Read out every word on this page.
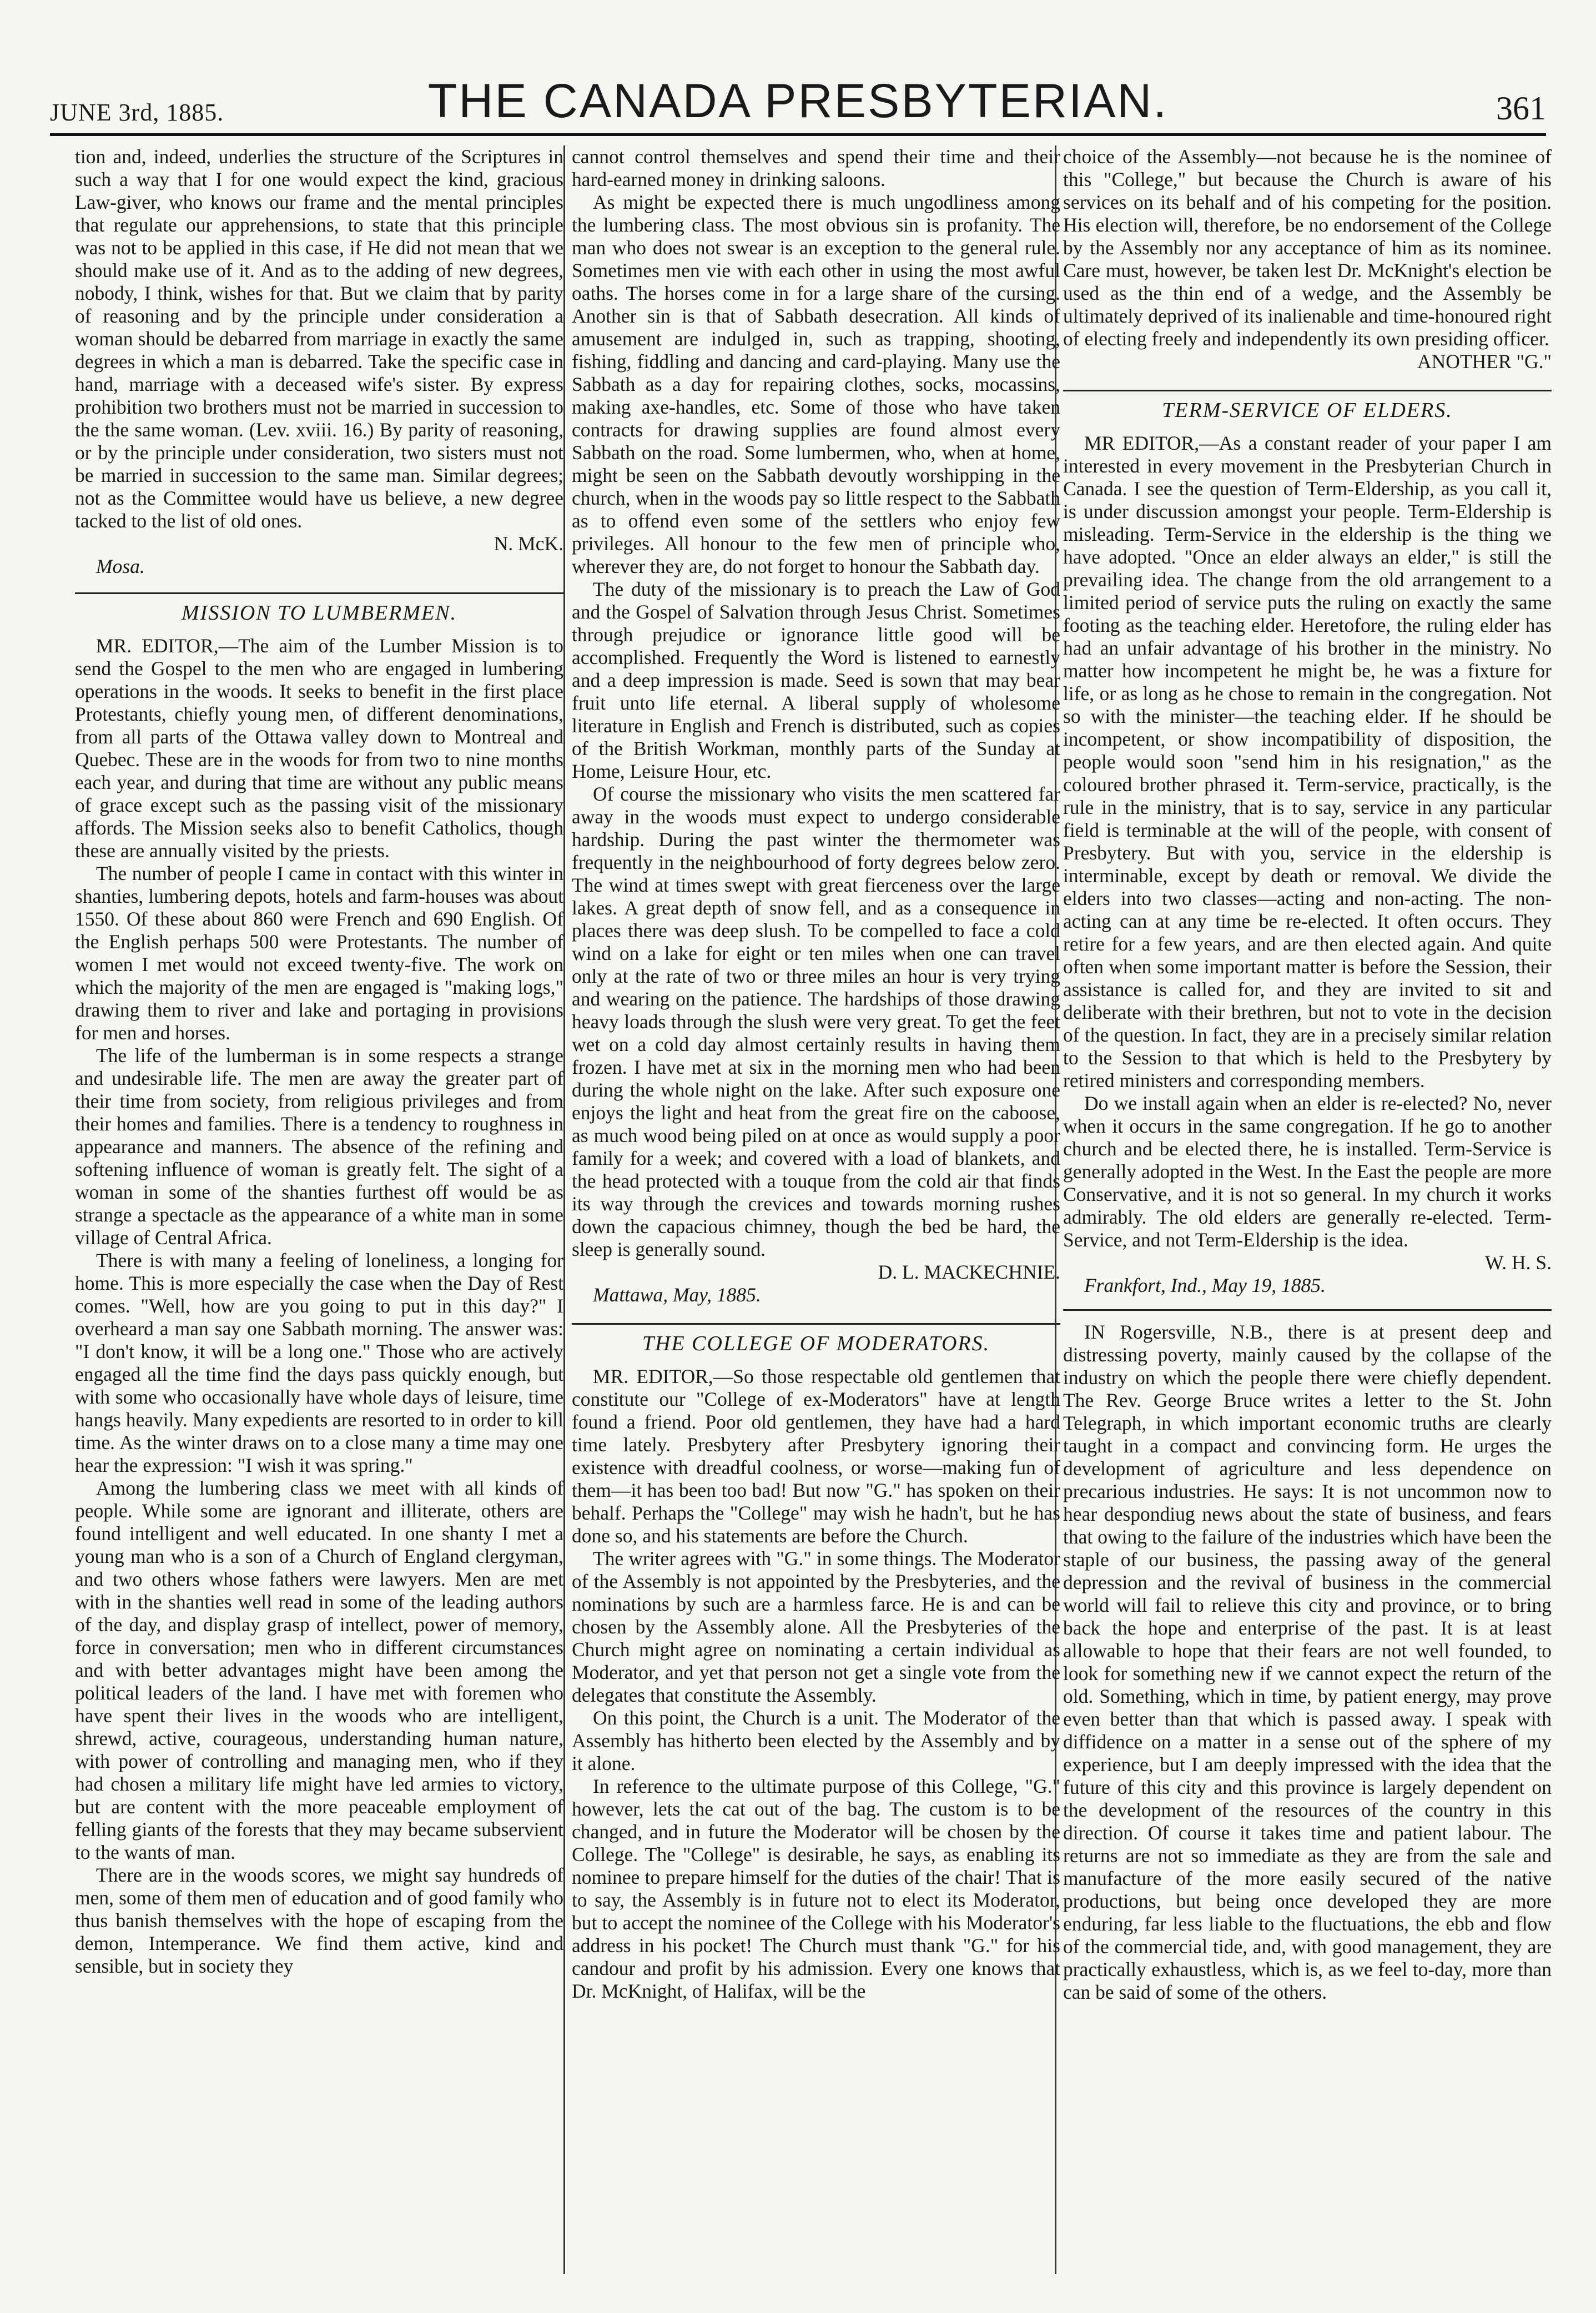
JUNE 3rd, 1885.	THE CANADA PRESBYTERIAN.	361

tion and, indeed, underlies the structure of the Scriptures in such a way that I for one would expect the kind, gracious Law-giver, who knows our frame and the mental principles that regulate our apprehensions, to state that this principle was not to be applied in this case, if He did not mean that we should make use of it. And as to the adding of new degrees, nobody, I think, wishes for that. But we claim that by parity of reasoning and by the principle under consideration a woman should be debarred from marriage in exactly the same degrees in which a man is debarred. Take the specific case in hand, marriage with a deceased wife's sister. By express prohibition two brothers must not be married in succession to the the same woman. (Lev. xviii. 16.) By parity of reasoning, or by the principle under consideration, two sisters must not be married in succession to the same man. Similar degrees; not as the Committee would have us believe, a new degree tacked to the list of old ones.

N. McK.

Mosa.

MISSION TO LUMBERMEN.

MR. EDITOR,—The aim of the Lumber Mission is to send the Gospel to the men who are engaged in lumbering operations in the woods. It seeks to benefit in the first place Protestants, chiefly young men, of different denominations, from all parts of the Ottawa valley down to Montreal and Quebec. These are in the woods for from two to nine months each year, and during that time are without any public means of grace except such as the passing visit of the missionary affords. The Mission seeks also to benefit Catholics, though these are annually visited by the priests.

The number of people I came in contact with this winter in shanties, lumbering depots, hotels and farm-houses was about 1550. Of these about 860 were French and 690 English. Of the English perhaps 500 were Protestants. The number of women I met would not exceed twenty-five. The work on which the majority of the men are engaged is "making logs," drawing them to river and lake and portaging in provisions for men and horses.

The life of the lumberman is in some respects a strange and undesirable life. The men are away the greater part of their time from society, from religious privileges and from their homes and families. There is a tendency to roughness in appearance and manners. The absence of the refining and softening influence of woman is greatly felt. The sight of a woman in some of the shanties furthest off would be as strange a spectacle as the appearance of a white man in some village of Central Africa.

There is with many a feeling of loneliness, a longing for home. This is more especially the case when the Day of Rest comes. "Well, how are you going to put in this day?" I overheard a man say one Sabbath morning. The answer was: "I don't know, it will be a long one." Those who are actively engaged all the time find the days pass quickly enough, but with some who occasionally have whole days of leisure, time hangs heavily. Many expedients are resorted to in order to kill time. As the winter draws on to a close many a time may one hear the expression: "I wish it was spring."

Among the lumbering class we meet with all kinds of people. While some are ignorant and illiterate, others are found intelligent and well educated. In one shanty I met a young man who is a son of a Church of England clergyman, and two others whose fathers were lawyers. Men are met with in the shanties well read in some of the leading authors of the day, and display grasp of intellect, power of memory, force in conversation; men who in different circumstances and with better advantages might have been among the political leaders of the land. I have met with foremen who have spent their lives in the woods who are intelligent, shrewd, active, courageous, understanding human nature, with power of controlling and managing men, who if they had chosen a military life might have led armies to victory, but are content with the more peaceable employment of felling giants of the forests that they may became subservient to the wants of man.

There are in the woods scores, we might say hundreds of men, some of them men of education and of good family who thus banish themselves with the hope of escaping from the demon, Intemperance. We find them active, kind and sensible, but in society they

cannot control themselves and spend their time and their hard-earned money in drinking saloons.

As might be expected there is much ungodliness among the lumbering class. The most obvious sin is profanity. The man who does not swear is an exception to the general rule. Sometimes men vie with each other in using the most awful oaths. The horses come in for a large share of the cursing. Another sin is that of Sabbath desecration. All kinds of amusement are indulged in, such as trapping, shooting, fishing, fiddling and dancing and card-playing. Many use the Sabbath as a day for repairing clothes, socks, mocassins, making axe-handles, etc. Some of those who have taken contracts for drawing supplies are found almost every Sabbath on the road. Some lumbermen, who, when at home, might be seen on the Sabbath devoutly worshipping in the church, when in the woods pay so little respect to the Sabbath as to offend even some of the settlers who enjoy few privileges. All honour to the few men of principle who, wherever they are, do not forget to honour the Sabbath day.

The duty of the missionary is to preach the Law of God and the Gospel of Salvation through Jesus Christ. Sometimes through prejudice or ignorance little good will be accomplished. Frequently the Word is listened to earnestly and a deep impression is made. Seed is sown that may bear fruit unto life eternal. A liberal supply of wholesome literature in English and French is distributed, such as copies of the British Workman, monthly parts of the Sunday at Home, Leisure Hour, etc.

Of course the missionary who visits the men scattered far away in the woods must expect to undergo considerable hardship. During the past winter the thermometer was frequently in the neighbourhood of forty degrees below zero. The wind at times swept with great fierceness over the large lakes. A great depth of snow fell, and as a consequence in places there was deep slush. To be compelled to face a cold wind on a lake for eight or ten miles when one can travel only at the rate of two or three miles an hour is very trying and wearing on the patience. The hardships of those drawing heavy loads through the slush were very great. To get the feet wet on a cold day almost certainly results in having them frozen. I have met at six in the morning men who had been during the whole night on the lake. After such exposure one enjoys the light and heat from the great fire on the caboose, as much wood being piled on at once as would supply a poor family for a week; and covered with a load of blankets, and the head protected with a touque from the cold air that finds its way through the crevices and towards morning rushes down the capacious chimney, though the bed be hard, the sleep is generally sound.

D. L. MACKECHNIE.

Mattawa, May, 1885.

THE COLLEGE OF MODERATORS.

MR. EDITOR,—So those respectable old gentlemen that constitute our "College of ex-Moderators" have at length found a friend. Poor old gentlemen, they have had a hard time lately. Presbytery after Presbytery ignoring their existence with dreadful coolness, or worse—making fun of them—it has been too bad! But now "G." has spoken on their behalf. Perhaps the "College" may wish he hadn't, but he has done so, and his statements are before the Church.

The writer agrees with "G." in some things. The Moderator of the Assembly is not appointed by the Presbyteries, and the nominations by such are a harmless farce. He is and can be chosen by the Assembly alone. All the Presbyteries of the Church might agree on nominating a certain individual as Moderator, and yet that person not get a single vote from the delegates that constitute the Assembly.

On this point, the Church is a unit. The Moderator of the Assembly has hitherto been elected by the Assembly and by it alone.

In reference to the ultimate purpose of this College, "G." however, lets the cat out of the bag. The custom is to be changed, and in future the Moderator will be chosen by the College. The "College" is desirable, he says, as enabling its nominee to prepare himself for the duties of the chair! That is to say, the Assembly is in future not to elect its Moderator, but to accept the nominee of the College with his Moderator's address in his pocket! The Church must thank "G." for his candour and profit by his admission. Every one knows that Dr. McKnight, of Halifax, will be the

choice of the Assembly—not because he is the nominee of this "College," but because the Church is aware of his services on its behalf and of his competing for the position. His election will, therefore, be no endorsement of the College by the Assembly nor any acceptance of him as its nominee. Care must, however, be taken lest Dr. McKnight's election be used as the thin end of a wedge, and the Assembly be ultimately deprived of its inalienable and time-honoured right of electing freely and independently its own presiding officer.

ANOTHER "G."

TERM-SERVICE OF ELDERS.

MR EDITOR,—As a constant reader of your paper I am interested in every movement in the Presbyterian Church in Canada. I see the question of Term-Eldership, as you call it, is under discussion amongst your people. Term-Eldership is misleading. Term-Service in the eldership is the thing we have adopted. "Once an elder always an elder," is still the prevailing idea. The change from the old arrangement to a limited period of service puts the ruling on exactly the same footing as the teaching elder. Heretofore, the ruling elder has had an unfair advantage of his brother in the ministry. No matter how incompetent he might be, he was a fixture for life, or as long as he chose to remain in the congregation. Not so with the minister—the teaching elder. If he should be incompetent, or show incompatibility of disposition, the people would soon "send him in his resignation," as the coloured brother phrased it. Term-service, practically, is the rule in the ministry, that is to say, service in any particular field is terminable at the will of the people, with consent of Presbytery. But with you, service in the eldership is interminable, except by death or removal. We divide the elders into two classes—acting and non-acting. The non-acting can at any time be re-elected. It often occurs. They retire for a few years, and are then elected again. And quite often when some important matter is before the Session, their assistance is called for, and they are invited to sit and deliberate with their brethren, but not to vote in the decision of the question. In fact, they are in a precisely similar relation to the Session to that which is held to the Presbytery by retired ministers and corresponding members.

Do we install again when an elder is re-elected? No, never when it occurs in the same congregation. If he go to another church and be elected there, he is installed. Term-Service is generally adopted in the West. In the East the people are more Conservative, and it is not so general. In my church it works admirably. The old elders are generally re-elected. Term-Service, and not Term-Eldership is the idea.

W. H. S.

Frankfort, Ind., May 19, 1885.

IN Rogersville, N.B., there is at present deep and distressing poverty, mainly caused by the collapse of the industry on which the people there were chiefly dependent. The Rev. George Bruce writes a letter to the St. John Telegraph, in which important economic truths are clearly taught in a compact and convincing form. He urges the development of agriculture and less dependence on precarious industries. He says: It is not uncommon now to hear despondiug news about the state of business, and fears that owing to the failure of the industries which have been the staple of our business, the passing away of the general depression and the revival of business in the commercial world will fail to relieve this city and province, or to bring back the hope and enterprise of the past. It is at least allowable to hope that their fears are not well founded, to look for something new if we cannot expect the return of the old. Something, which in time, by patient energy, may prove even better than that which is passed away. I speak with diffidence on a matter in a sense out of the sphere of my experience, but I am deeply impressed with the idea that the future of this city and this province is largely dependent on the development of the resources of the country in this direction. Of course it takes time and patient labour. The returns are not so immediate as they are from the sale and manufacture of the more easily secured of the native productions, but being once developed they are more enduring, far less liable to the fluctuations, the ebb and flow of the commercial tide, and, with good management, they are practically exhaustless, which is, as we feel to-day, more than can be said of some of the others.
